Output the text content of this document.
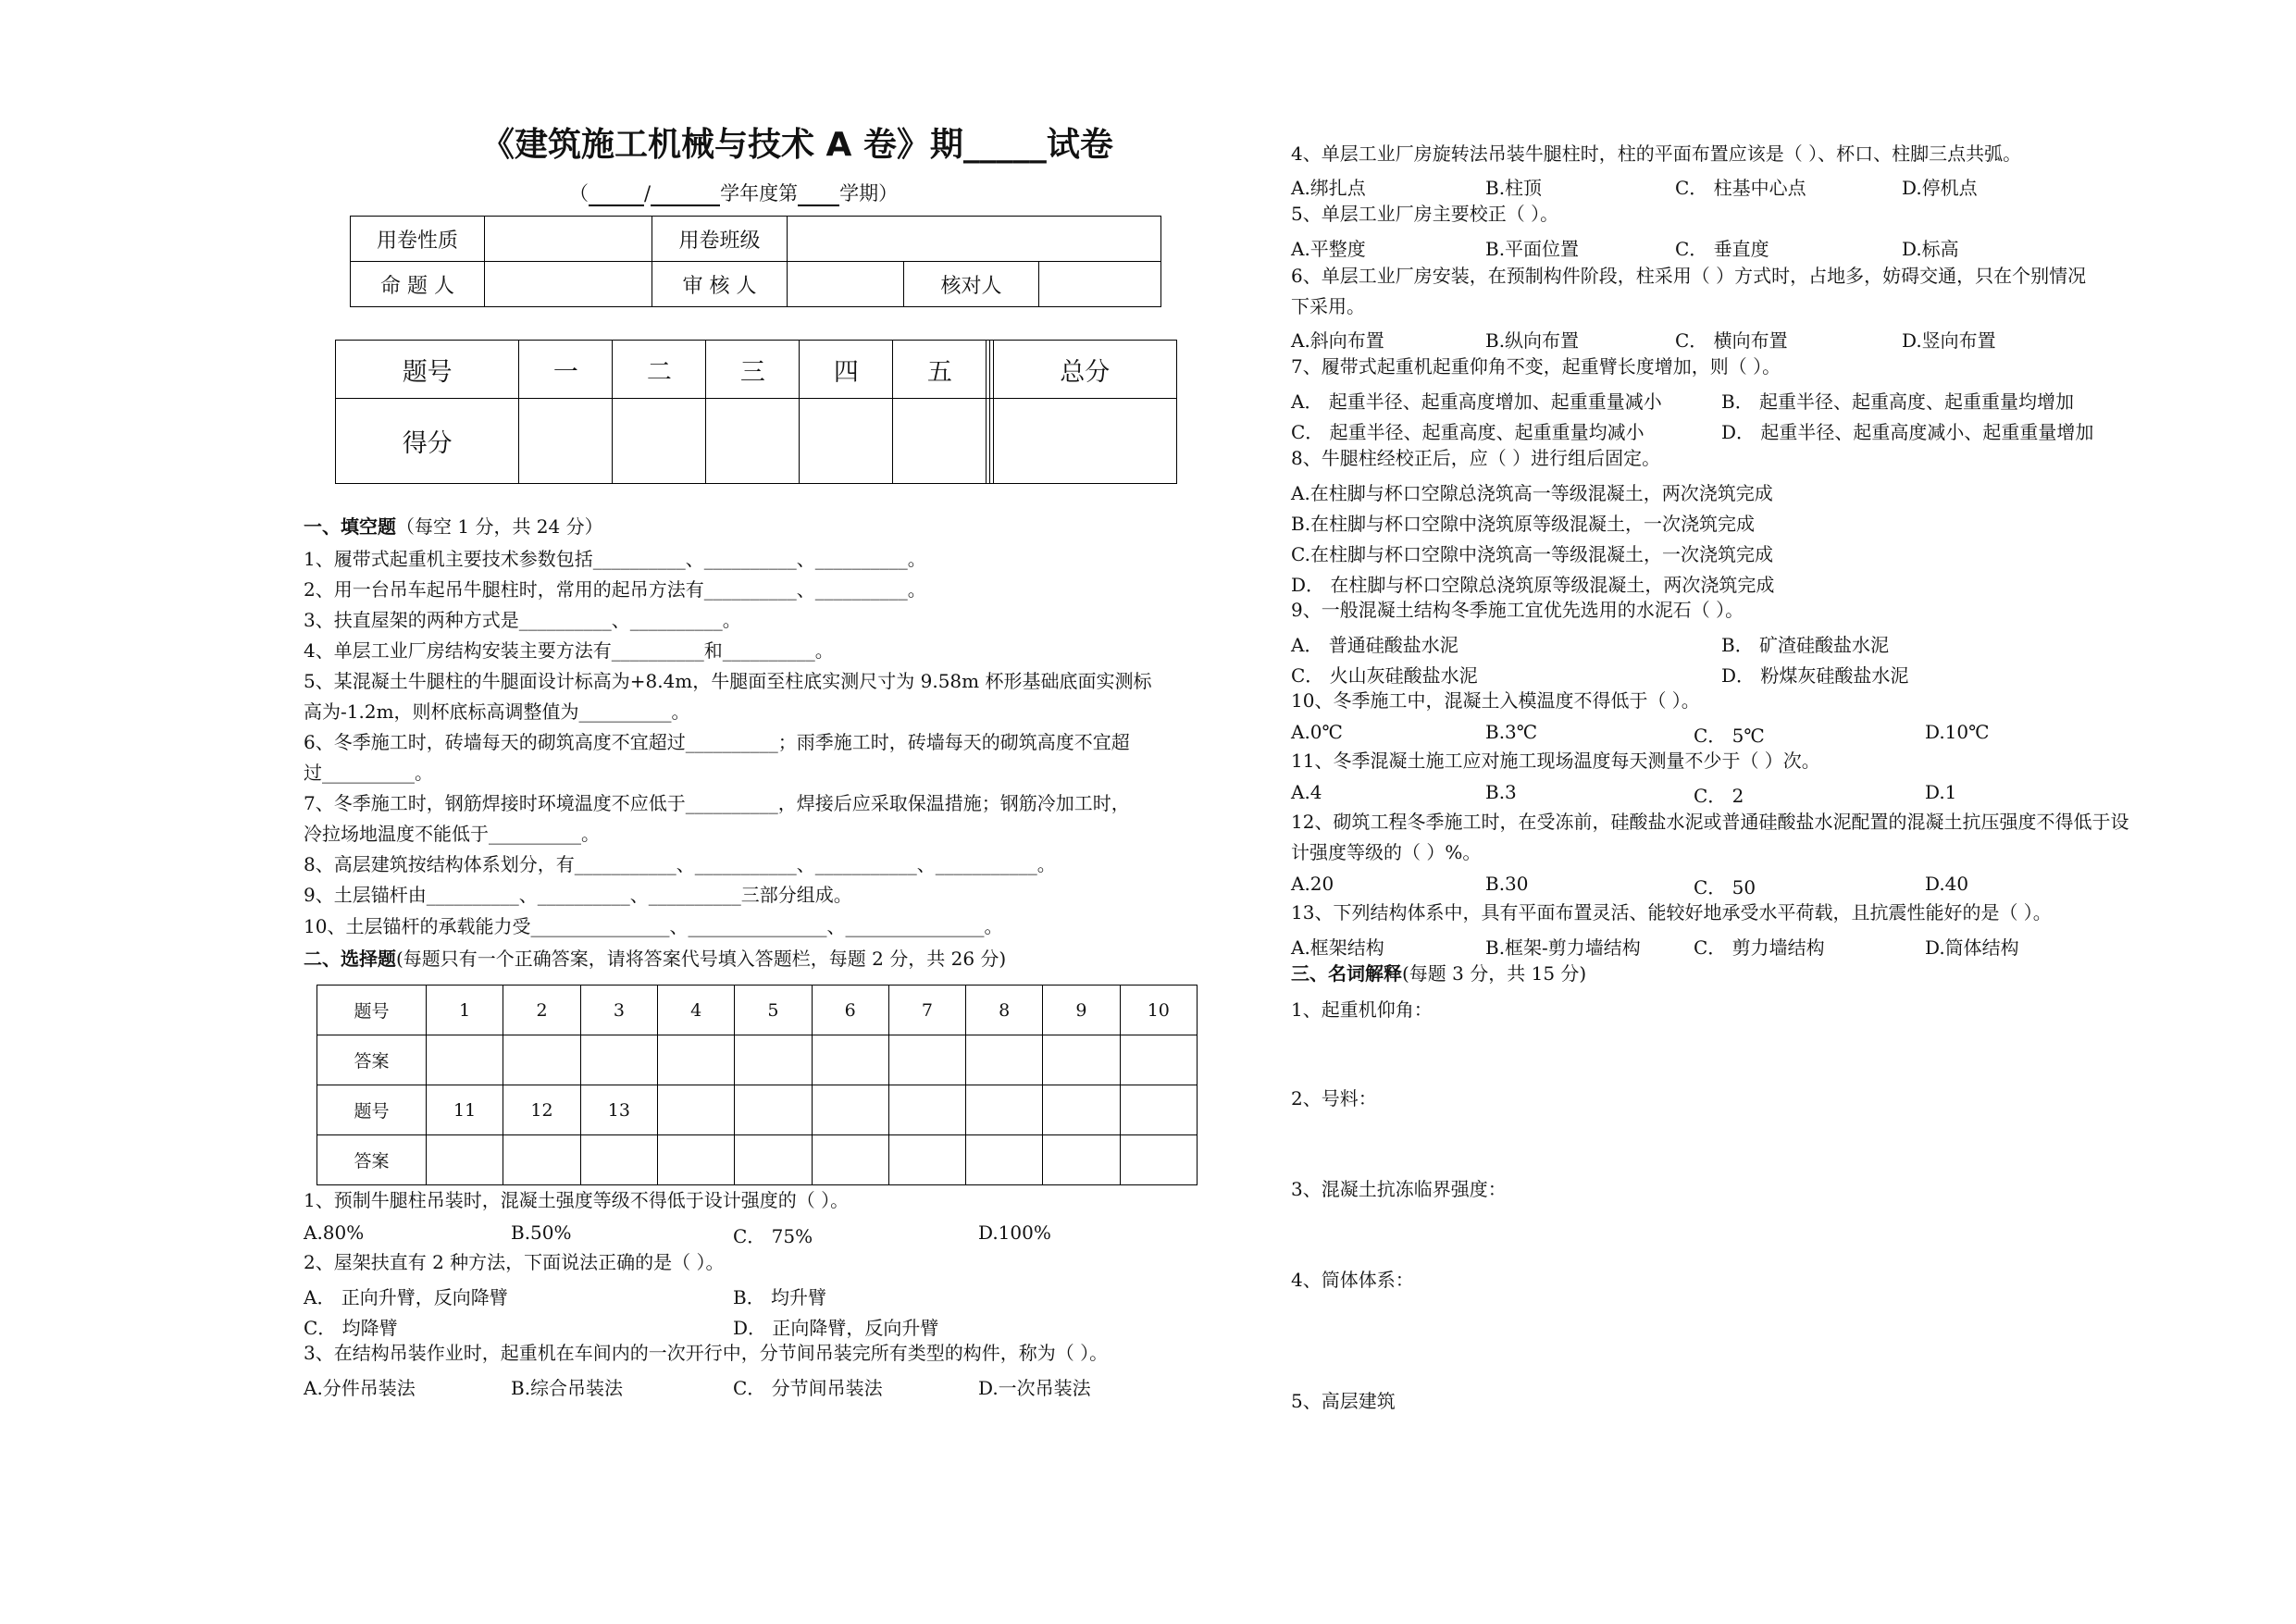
《建筑施工机械与技术 A 卷》期_____试卷
（	/	学年度第 学期）
用卷性质		用卷班级			
命 题 人		审 核 人		核对人	
题号	一	二	三	四	五			总分
得分								
一、填空题（每空 1 分，共 24 分）
1、履带式起重机主要技术参数包括__________、__________、__________。
2、用一台吊车起吊牛腿柱时，常用的起吊方法有__________、__________。
3、扶直屋架的两种方式是__________、__________。
4、单层工业厂房结构安装主要方法有__________和__________。
5、某混凝土牛腿柱的牛腿面设计标高为+8.4m，牛腿面至柱底实测尺寸为 9.58m 杯形基础底面实测标
高为-1.2m，则杯底标高调整值为__________。
6、冬季施工时，砖墙每天的砌筑高度不宜超过__________；雨季施工时，砖墙每天的砌筑高度不宜超
过__________。
7、冬季施工时，钢筋焊接时环境温度不应低于__________，焊接后应采取保温措施；钢筋冷加工时，
冷拉场地温度不能低于__________。
8、高层建筑按结构体系划分，有___________、___________、___________、___________。
9、土层锚杆由__________、__________、__________三部分组成。
10、土层锚杆的承载能力受_______________、_______________、_______________。
二、选择题(每题只有一个正确答案，请将答案代号填入答题栏，每题 2 分，共 26 分)
题号	1	2	3	4	5	6	7	8	9	10
答案										
题号	11	12	13							
答案										
1、预制牛腿柱吊装时，混凝土强度等级不得低于设计强度的（ ）。
A.80%	B.50%	C． 75%	D.100%
2、屋架扶直有 2 种方法，下面说法正确的是（ ）。
A． 正向升臂，反向降臂	B． 均升臂
C． 均降臂	D． 正向降臂，反向升臂
3、在结构吊装作业时，起重机在车间内的一次开行中，分节间吊装完所有类型的构件，称为（ ）。
A.分件吊装法	B.综合吊装法	C． 分节间吊装法	D.一次吊装法
4、单层工业厂房旋转法吊装牛腿柱时，柱的平面布置应该是（ ）、杯口、柱脚三点共弧。
A.绑扎点	B.柱顶	C． 柱基中心点	D.停机点
5、单层工业厂房主要校正（ ）。
A.平整度	B.平面位置	C． 垂直度	D.标高
6、单层工业厂房安装，在预制构件阶段，柱采用（ ）方式时，占地多，妨碍交通，只在个别情况
下采用。
A.斜向布置	B.纵向布置	C． 横向布置	D.竖向布置
7、履带式起重机起重仰角不变，起重臂长度增加，则（ ）。
A． 起重半径、起重高度增加、起重重量减小	B． 起重半径、起重高度、起重重量均增加
C． 起重半径、起重高度、起重重量均减小	D． 起重半径、起重高度减小、起重重量增加
8、牛腿柱经校正后，应（ ）进行组后固定。
A.在柱脚与杯口空隙总浇筑高一等级混凝土，两次浇筑完成
B.在柱脚与杯口空隙中浇筑原等级混凝土，一次浇筑完成
C.在柱脚与杯口空隙中浇筑高一等级混凝土，一次浇筑完成
D． 在柱脚与杯口空隙总浇筑原等级混凝土，两次浇筑完成
9、一般混凝土结构冬季施工宜优先选用的水泥石（ ）。
A． 普通硅酸盐水泥	B． 矿渣硅酸盐水泥
C． 火山灰硅酸盐水泥	D． 粉煤灰硅酸盐水泥
10、冬季施工中，混凝土入模温度不得低于（ ）。
A.0℃	B.3℃	C． 5℃	D.10℃
11、冬季混凝土施工应对施工现场温度每天测量不少于（ ）次。
A.4	B.3	C． 2	D.1
12、砌筑工程冬季施工时，在受冻前，硅酸盐水泥或普通硅酸盐水泥配置的混凝土抗压强度不得低于设
计强度等级的（ ）%。
A.20	B.30	C． 50	D.40
13、下列结构体系中，具有平面布置灵活、能较好地承受水平荷载，且抗震性能好的是（ ）。
A.框架结构	B.框架-剪力墙结构	C． 剪力墙结构	D.筒体结构
三、名词解释(每题 3 分，共 15 分)
1、起重机仰角：
2、号料：
3、混凝土抗冻临界强度：
4、筒体体系：
5、高层建筑
